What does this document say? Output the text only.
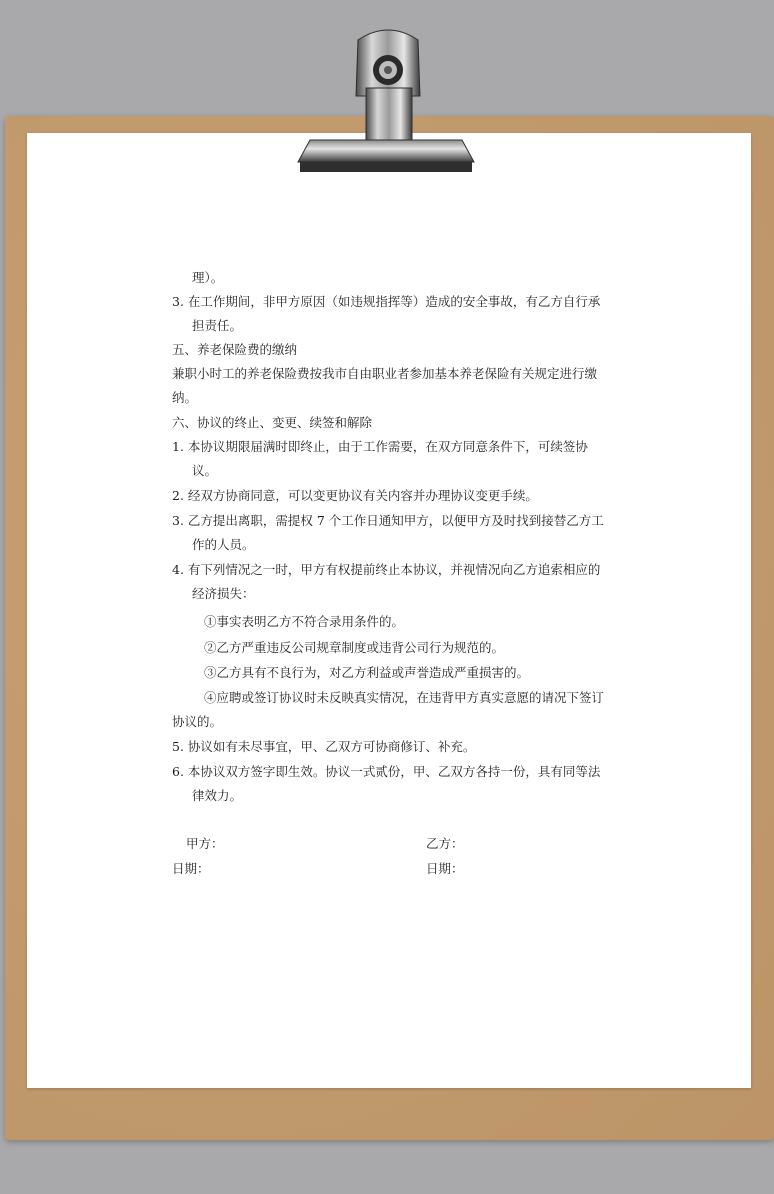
理）。
3. 在工作期间，非甲方原因（如违规指挥等）造成的安全事故，有乙方自行承
担责任。
五、养老保险费的缴纳
兼职小时工的养老保险费按我市自由职业者参加基本养老保险有关规定进行缴
纳。
六、协议的终止、变更、续签和解除
1. 本协议期限届满时即终止，由于工作需要，在双方同意条件下，可续签协
议。
2. 经双方协商同意，可以变更协议有关内容并办理协议变更手续。
3. 乙方提出离职，需提权 7 个工作日通知甲方，以便甲方及时找到接替乙方工
作的人员。
4. 有下列情况之一时，甲方有权提前终止本协议，并视情况向乙方追索相应的
经济损失：
①事实表明乙方不符合录用条件的。
②乙方严重违反公司规章制度或违背公司行为规范的。
③乙方具有不良行为，对乙方利益或声誉造成严重损害的。
④应聘或签订协议时未反映真实情况，在违背甲方真实意愿的请况下签订
协议的。
5. 协议如有未尽事宜，甲、乙双方可协商修订、补充。
6. 本协议双方签字即生效。协议一式贰份，甲、乙双方各持一份，具有同等法
律效力。
甲方：	乙方：
日期：	日期：
